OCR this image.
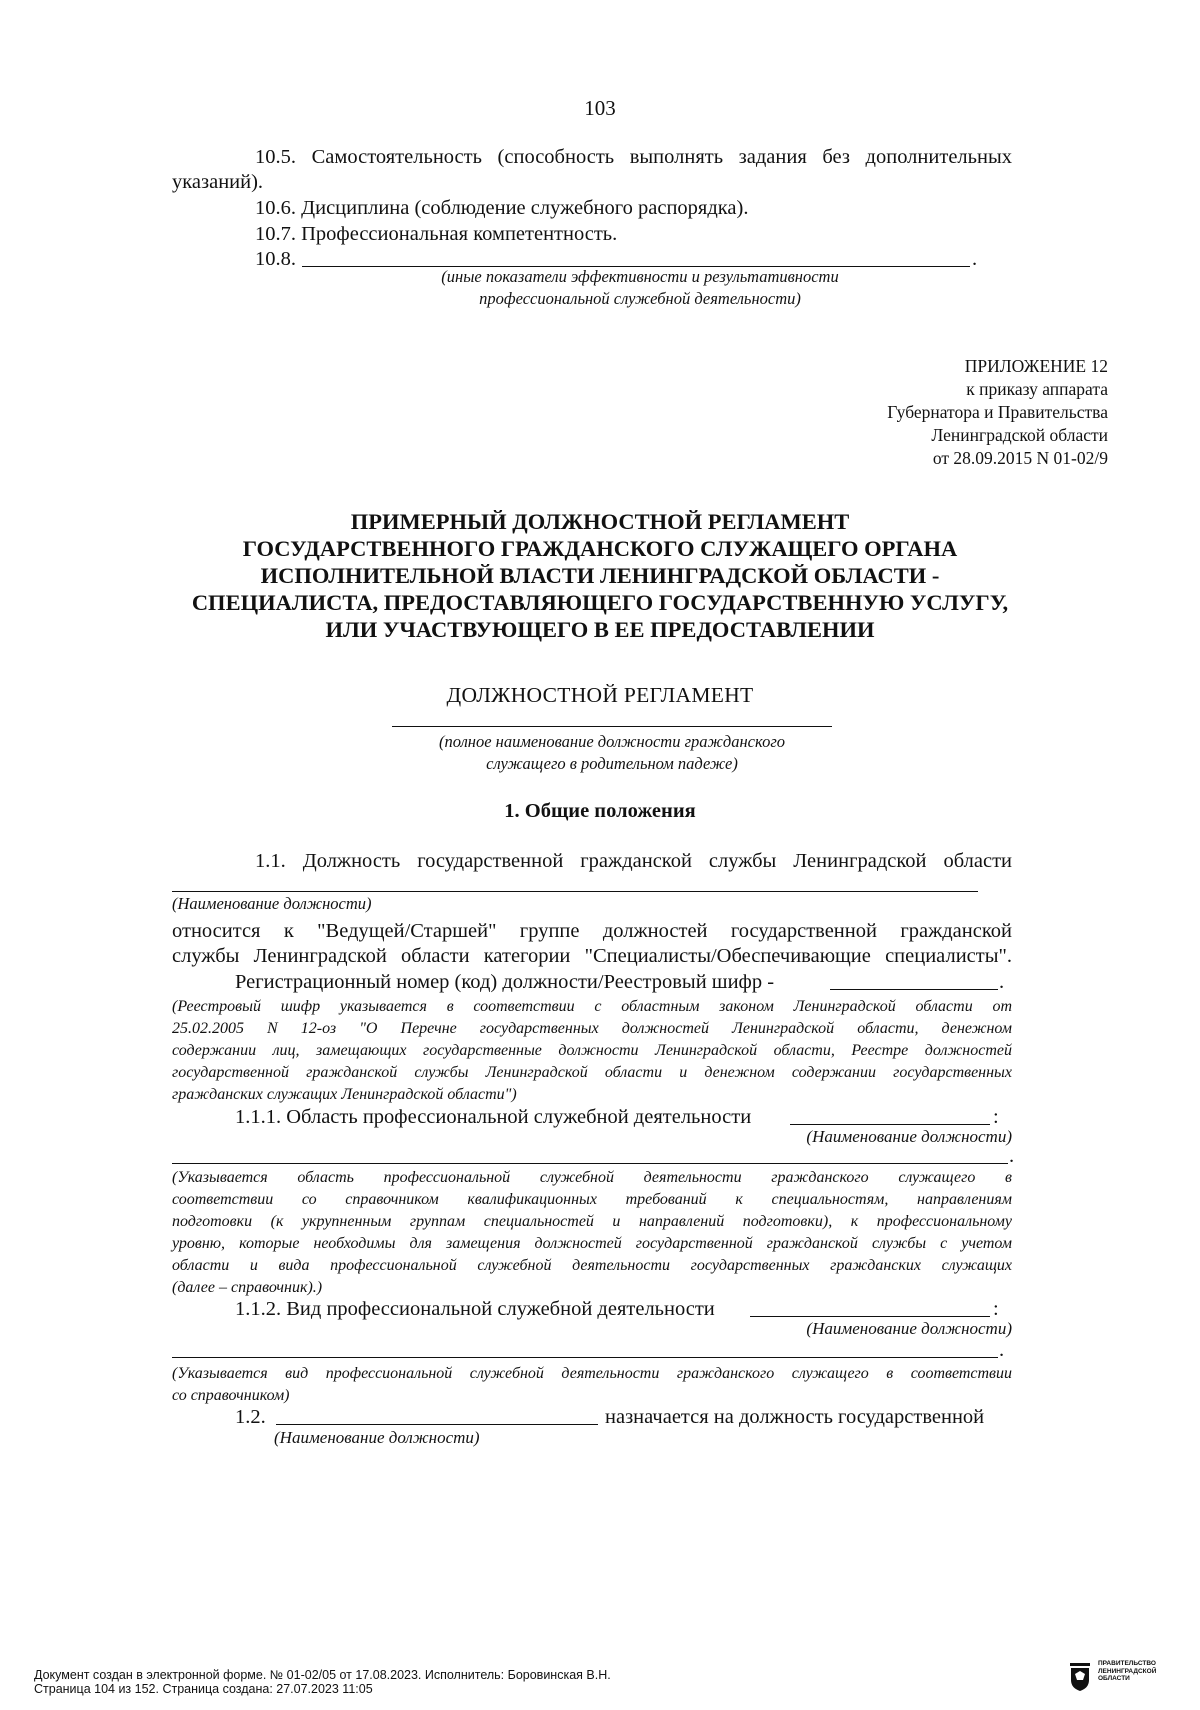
103
10.5. Самостоятельность (способность выполнять задания без дополнительных
указаний).
10.6. Дисциплина (соблюдение служебного распорядка).
10.7. Профессиональная компетентность.
10.8.	.
(иные показатели эффективности и результативности
профессиональной служебной деятельности)
ПРИЛОЖЕНИЕ 12
к приказу аппарата
Губернатора и Правительства
Ленинградской области
от 28.09.2015 N 01-02/9
ПРИМЕРНЫЙ ДОЛЖНОСТНОЙ РЕГЛАМЕНТ
ГОСУДАРСТВЕННОГО ГРАЖДАНСКОГО СЛУЖАЩЕГО ОРГАНА
ИСПОЛНИТЕЛЬНОЙ ВЛАСТИ ЛЕНИНГРАДСКОЙ ОБЛАСТИ -
СПЕЦИАЛИСТА, ПРЕДОСТАВЛЯЮЩЕГО ГОСУДАРСТВЕННУЮ УСЛУГУ,
ИЛИ УЧАСТВУЮЩЕГО В ЕЕ ПРЕДОСТАВЛЕНИИ
ДОЛЖНОСТНОЙ РЕГЛАМЕНТ
(полное наименование должности гражданского
служащего в родительном падеже)
1. Общие положения
1.1. Должность государственной гражданской службы Ленинградской области
(Наименование должности)
относится к "Ведущей/Старшей" группе должностей государственной гражданской
службы Ленинградской области категории "Специалисты/Обеспечивающие специалисты".
Регистрационный номер (код) должности/Реестровый шифр -	.
(Реестровый шифр указывается в соответствии с областным законом Ленинградской области от
25.02.2005 N 12-оз "О Перечне государственных должностей Ленинградской области, денежном
содержании лиц, замещающих государственные должности Ленинградской области, Реестре должностей
государственной гражданской службы Ленинградской области и денежном содержании государственных
гражданских служащих Ленинградской области")
1.1.1. Область профессиональной служебной деятельности	:
(Наименование должности)
.
(Указывается область профессиональной служебной деятельности гражданского служащего в
соответствии со справочником квалификационных требований к специальностям, направлениям
подготовки (к укрупненным группам специальностей и направлений подготовки), к профессиональному
уровню, которые необходимы для замещения должностей государственной гражданской службы с учетом
области и вида профессиональной служебной деятельности государственных гражданских служащих
(далее – справочник).)
1.1.2. Вид профессиональной служебной деятельности	:
(Наименование должности)
.
(Указывается вид профессиональной служебной деятельности гражданского служащего в соответствии
со справочником)
1.2.	назначается на должность государственной
(Наименование должности)
Документ создан в электронной форме. № 01-02/05 от 17.08.2023. Исполнитель: Боровинская В.Н.
Страница 104 из 152. Страница создана: 27.07.2023 11:05
ПРАВИТЕЛЬСТВО
ЛЕНИНГРАДСКОЙ
ОБЛАСТИ
